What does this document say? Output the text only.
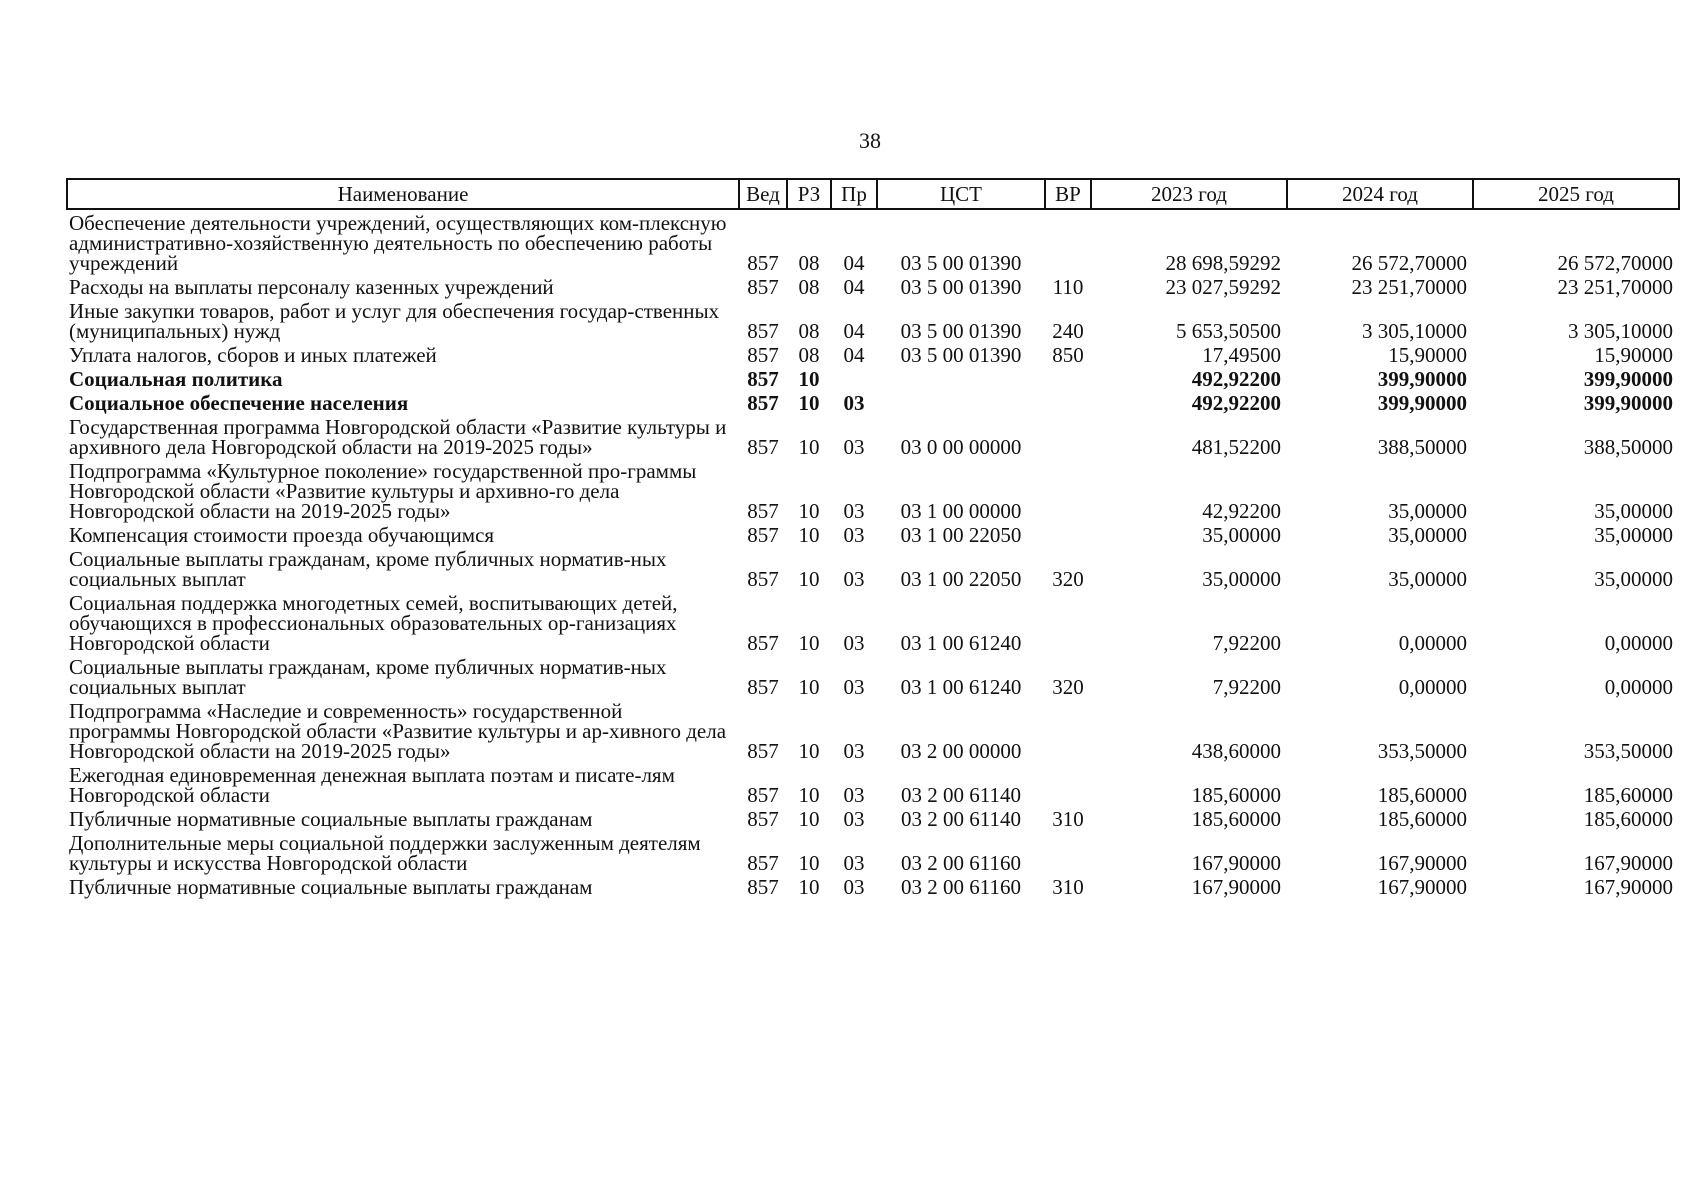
38
Наименование	Вед	РЗ	Пр	ЦСТ	ВР	2023 год	2024 год	2025 год
Обеспечение деятельности учреждений, осуществляющих ком-плексную административно-хозяйственную деятельность по обеспечению работы учреждений	857	08	04	03 5 00 01390		28 698,59292	26 572,70000	26 572,70000
Расходы на выплаты персоналу казенных учреждений	857	08	04	03 5 00 01390	110	23 027,59292	23 251,70000	23 251,70000
Иные закупки товаров, работ и услуг для обеспечения государ-ственных (муниципальных) нужд	857	08	04	03 5 00 01390	240	5 653,50500	3 305,10000	3 305,10000
Уплата налогов, сборов и иных платежей	857	08	04	03 5 00 01390	850	17,49500	15,90000	15,90000
Социальная политика	857	10				492,92200	399,90000	399,90000
Социальное обеспечение населения	857	10	03			492,92200	399,90000	399,90000
Государственная программа Новгородской области «Развитие культуры и архивного дела Новгородской области на 2019-2025 годы»	857	10	03	03 0 00 00000		481,52200	388,50000	388,50000
Подпрограмма «Культурное поколение» государственной про-граммы Новгородской области «Развитие культуры и архивно-го дела Новгородской области на 2019-2025 годы»	857	10	03	03 1 00 00000		42,92200	35,00000	35,00000
Компенсация стоимости проезда обучающимся	857	10	03	03 1 00 22050		35,00000	35,00000	35,00000
Социальные выплаты гражданам, кроме публичных норматив-ных социальных выплат	857	10	03	03 1 00 22050	320	35,00000	35,00000	35,00000
Социальная поддержка многодетных семей, воспитывающих детей, обучающихся в профессиональных образовательных ор-ганизациях Новгородской области	857	10	03	03 1 00 61240		7,92200	0,00000	0,00000
Социальные выплаты гражданам, кроме публичных норматив-ных социальных выплат	857	10	03	03 1 00 61240	320	7,92200	0,00000	0,00000
Подпрограмма «Наследие и современность» государственной программы Новгородской области «Развитие культуры и ар-хивного дела Новгородской области на 2019-2025 годы»	857	10	03	03 2 00 00000		438,60000	353,50000	353,50000
Ежегодная единовременная денежная выплата поэтам и писате-лям Новгородской области	857	10	03	03 2 00 61140		185,60000	185,60000	185,60000
Публичные нормативные социальные выплаты гражданам	857	10	03	03 2 00 61140	310	185,60000	185,60000	185,60000
Дополнительные меры социальной поддержки заслуженным деятелям культуры и искусства Новгородской области	857	10	03	03 2 00 61160		167,90000	167,90000	167,90000
Публичные нормативные социальные выплаты гражданам	857	10	03	03 2 00 61160	310	167,90000	167,90000	167,90000
